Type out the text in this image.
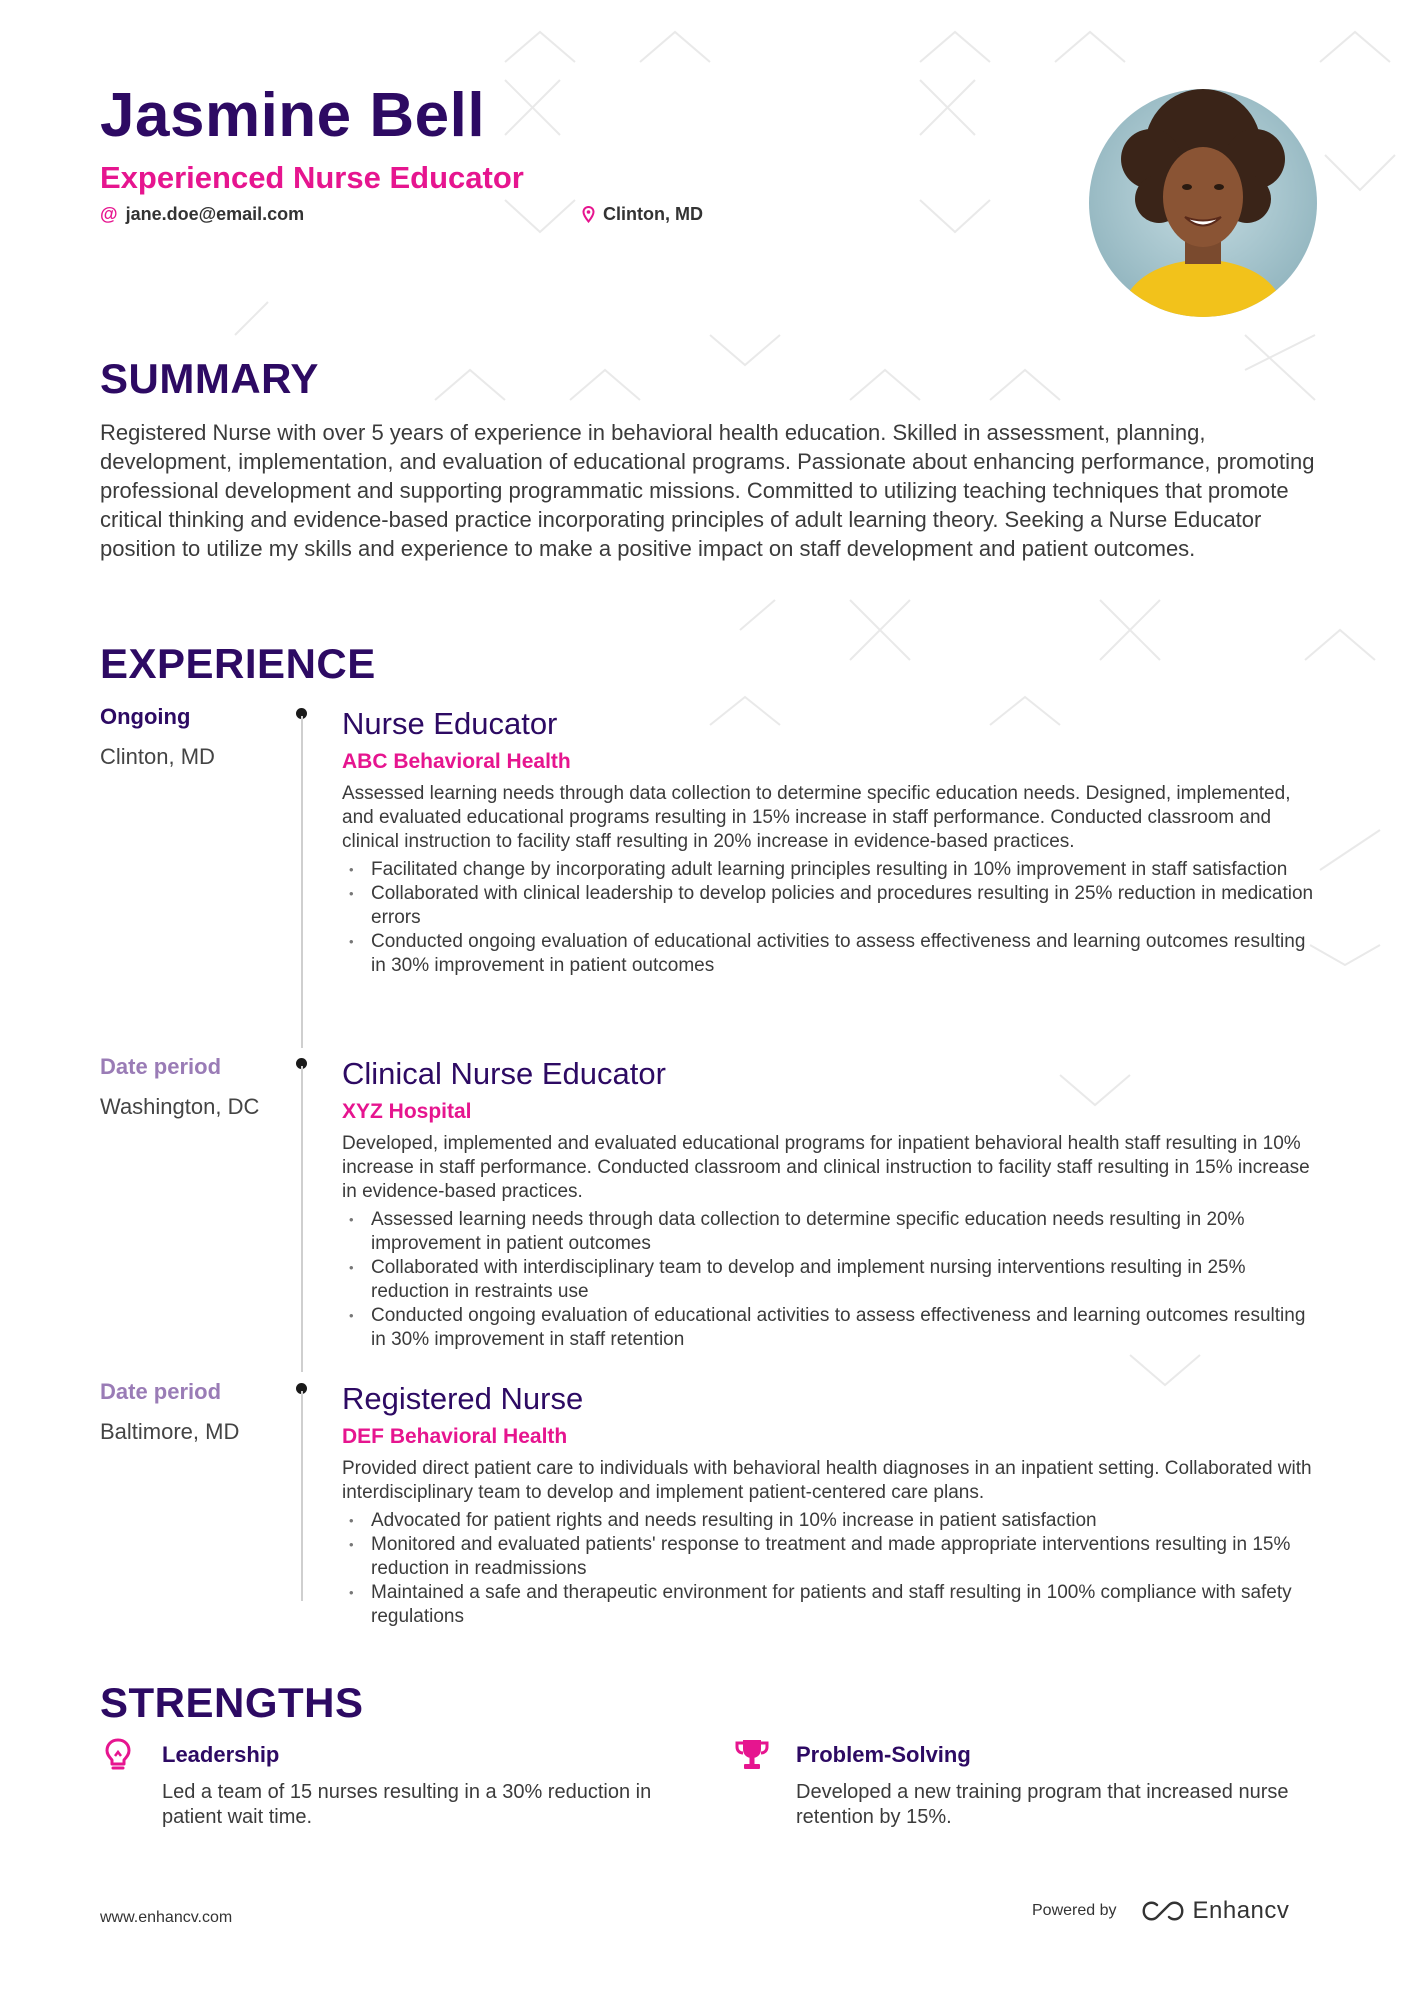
Jasmine Bell
Experienced Nurse Educator
@ jane.doe@email.com	Clinton, MD
SUMMARY

Registered Nurse with over 5 years of experience in behavioral health education. Skilled in assessment, planning, development, implementation, and evaluation of educational programs. Passionate about enhancing performance, promoting professional development and supporting programmatic missions. Committed to utilizing teaching techniques that promote critical thinking and evidence-based practice incorporating principles of adult learning theory. Seeking a Nurse Educator position to utilize my skills and experience to make a positive impact on staff development and patient outcomes.

EXPERIENCE
Ongoing
Clinton, MD
Nurse Educator
ABC Behavioral Health
Assessed learning needs through data collection to determine specific education needs. Designed, implemented, and evaluated educational programs resulting in 15% increase in staff performance. Conducted classroom and clinical instruction to facility staff resulting in 20% increase in evidence-based practices.
• Facilitated change by incorporating adult learning principles resulting in 10% improvement in staff satisfaction
• Collaborated with clinical leadership to develop policies and procedures resulting in 25% reduction in medication errors
• Conducted ongoing evaluation of educational activities to assess effectiveness and learning outcomes resulting in 30% improvement in patient outcomes
Date period
Washington, DC
Clinical Nurse Educator
XYZ Hospital
Developed, implemented and evaluated educational programs for inpatient behavioral health staff resulting in 10% increase in staff performance. Conducted classroom and clinical instruction to facility staff resulting in 15% increase in evidence-based practices.
• Assessed learning needs through data collection to determine specific education needs resulting in 20% improvement in patient outcomes
• Collaborated with interdisciplinary team to develop and implement nursing interventions resulting in 25% reduction in restraints use
• Conducted ongoing evaluation of educational activities to assess effectiveness and learning outcomes resulting in 30% improvement in staff retention
Date period
Baltimore, MD
Registered Nurse
DEF Behavioral Health
Provided direct patient care to individuals with behavioral health diagnoses in an inpatient setting. Collaborated with interdisciplinary team to develop and implement patient-centered care plans.
• Advocated for patient rights and needs resulting in 10% increase in patient satisfaction
• Monitored and evaluated patients' response to treatment and made appropriate interventions resulting in 15% reduction in readmissions
• Maintained a safe and therapeutic environment for patients and staff resulting in 100% compliance with safety regulations
STRENGTHS
Leadership
Led a team of 15 nurses resulting in a 30% reduction in patient wait time.
Problem-Solving
Developed a new training program that increased nurse retention by 15%.
www.enhancv.com	Powered by	Enhancv
